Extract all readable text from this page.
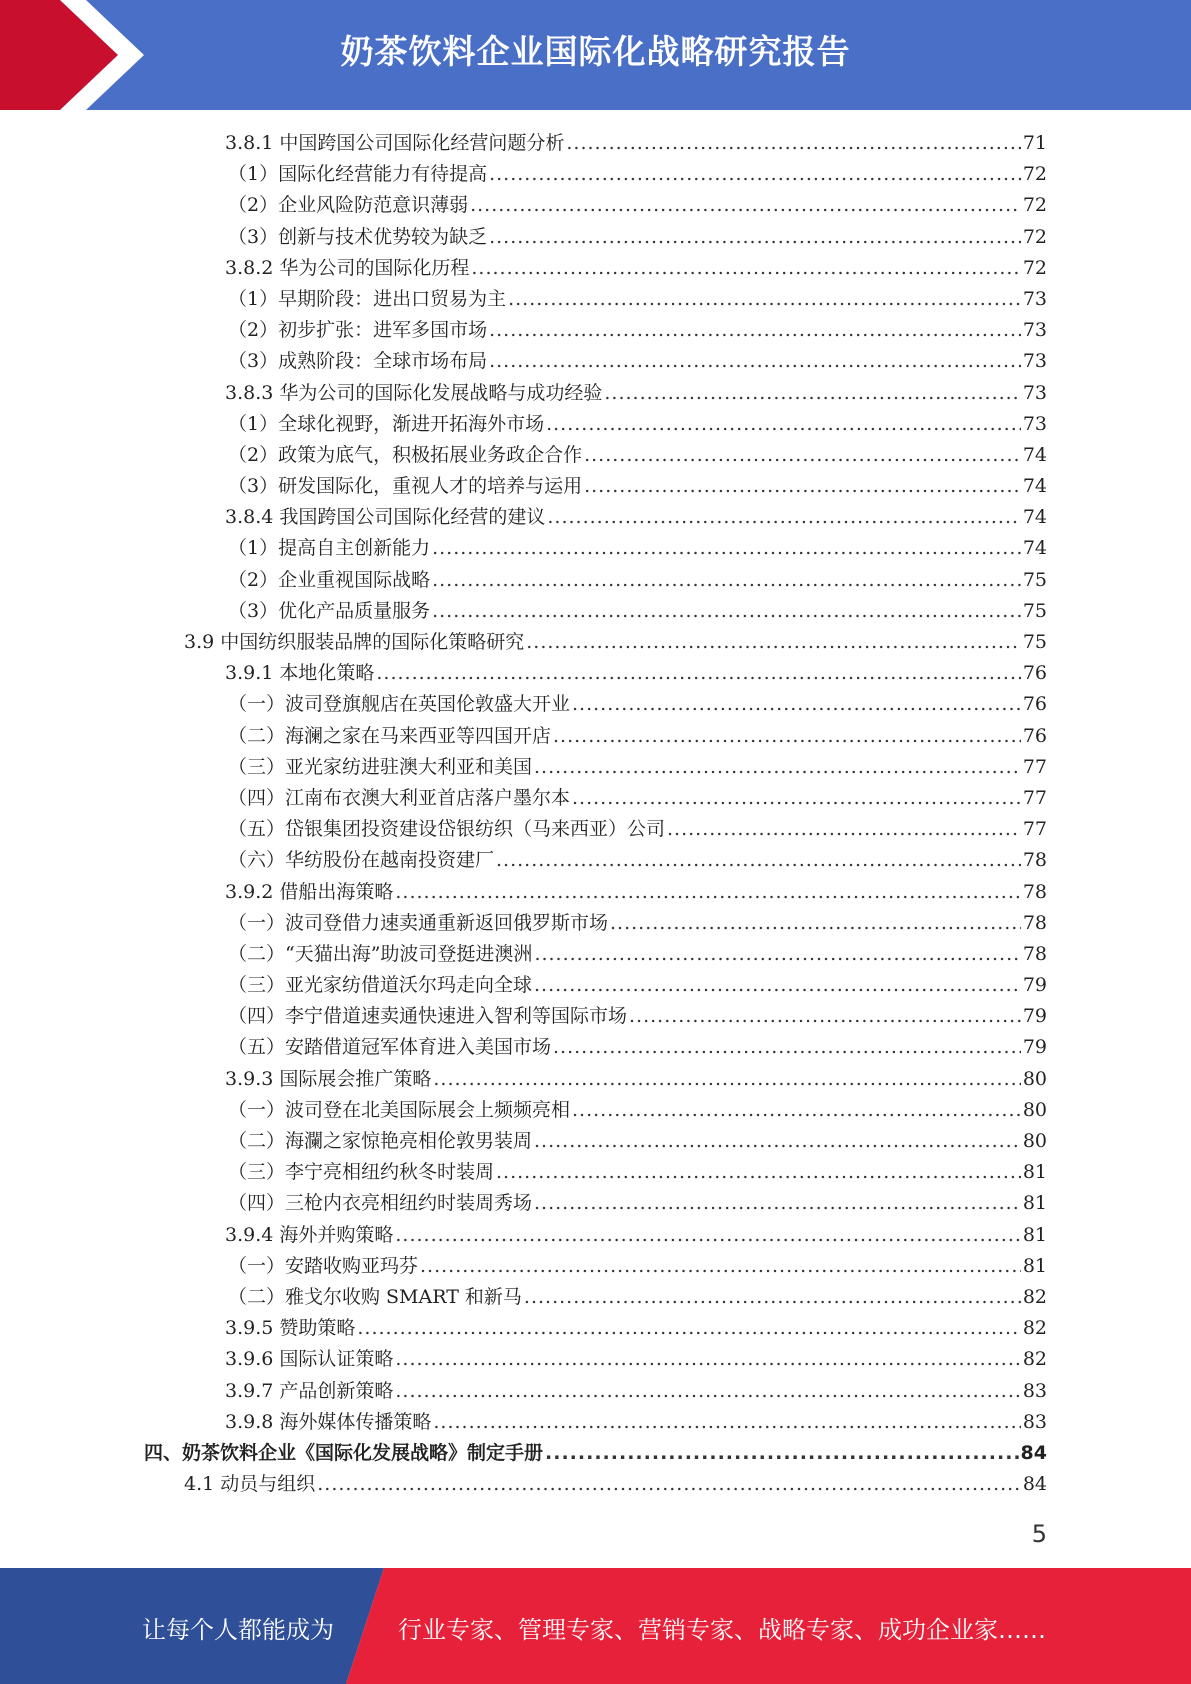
奶茶饮料企业国际化战略研究报告
3.8.1 中国跨国公司国际化经营问题分析 .....	71
（1）国际化经营能力有待提高 .....	72
（2）企业风险防范意识薄弱 .....	72
（3）创新与技术优势较为缺乏 .....	72
3.8.2 华为公司的国际化历程 .....	72
（1）早期阶段：进出口贸易为主 .....	73
（2）初步扩张：进军多国市场 .....	73
（3）成熟阶段：全球市场布局 .....	73
3.8.3 华为公司的国际化发展战略与成功经验 .....	73
（1）全球化视野，渐进开拓海外市场 .....	73
（2）政策为底气，积极拓展业务政企合作 .....	74
（3）研发国际化，重视人才的培养与运用 .....	74
3.8.4 我国跨国公司国际化经营的建议 .....	74
（1）提高自主创新能力 .....	74
（2）企业重视国际战略 .....	75
（3）优化产品质量服务 .....	75
3.9 中国纺织服装品牌的国际化策略研究 .....	75
3.9.1 本地化策略 .....	76
（一）波司登旗舰店在英国伦敦盛大开业 .....	76
（二）海澜之家在马来西亚等四国开店 .....	76
（三）亚光家纺进驻澳大利亚和美国 .....	77
（四）江南布衣澳大利亚首店落户墨尔本 .....	77
（五）岱银集团投资建设岱银纺织（马来西亚）公司 .....	77
（六）华纺股份在越南投资建厂 .....	78
3.9.2 借船出海策略 .....	78
（一）波司登借力速卖通重新返回俄罗斯市场 .....	78
（二）“天猫出海”助波司登挺进澳洲 .....	78
（三）亚光家纺借道沃尔玛走向全球 .....	79
（四）李宁借道速卖通快速进入智利等国际市场 .....	79
（五）安踏借道冠军体育进入美国市场 .....	79
3.9.3 国际展会推广策略 .....	80
（一）波司登在北美国际展会上频频亮相 .....	80
（二）海瀾之家惊艳亮相伦敦男装周 .....	80
（三）李宁亮相纽约秋冬时装周 .....	81
（四）三枪内衣亮相纽约时装周秀场 .....	81
3.9.4 海外并购策略 .....	81
（一）安踏收购亚玛芬 .....	81
（二）雅戈尔收购 SMART 和新马 .....	82
3.9.5 赞助策略 .....	82
3.9.6 国际认证策略 .....	82
3.9.7 产品创新策略 .....	83
3.9.8 海外媒体传播策略 .....	83
四、奶茶饮料企业《国际化发展战略》制定手册 .....	84
4.1 动员与组织 .....	84
5
让每个人都能成为	行业专家、管理专家、营销专家、战略专家、成功企业家……
